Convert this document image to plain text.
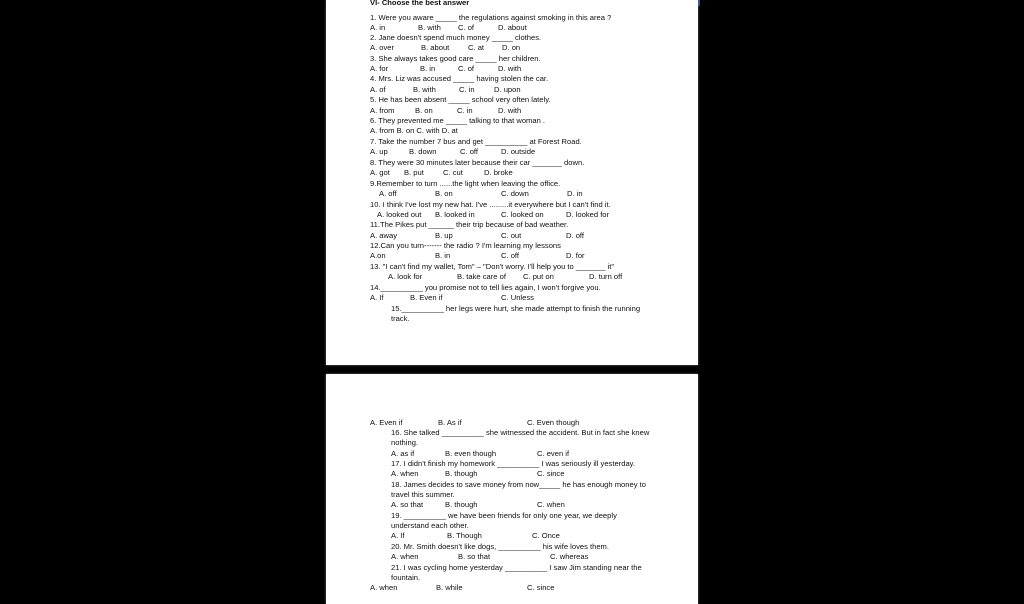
VI- Choose the best answer
1. Were you aware _____ the regulations against smoking in this area ?
A. in	B. with C. of	D. about
2. Jane doesn't spend much money _____ clothes.
A. over	B. about C. at D. on
3. She always takes good care _____ her children.
A. for	B. in	C. of	D. with
4. Mrs. Liz was accused _____ having stolen the car.
A. of	B. with	C. in	D. upon
5. He has been absent _____ school very often lately.
A. from	B. on	C. in	D. with
6. They prevented me _____ talking to that woman .
A. from B. on C. with D. at
7. Take the number 7 bus and get __________ at Forest Road.
A. up	B. down	C. off	D. outside
8. They were 30 minutes later because their car _______ down.
A. got B. put	C. cut	D. broke
9.Remember to turn ......the light when leaving the office.
A. off	B. on	C. down	D. in
10. I think I've lost my new hat. I've .........it everywhere but I can't find it.
A. looked out B. looked in	C. looked on	D. looked for
11.The Pikes put ______ their trip because of bad weather.
A. away	B. up	C. out	D. off
12.Can you turn------- the radio ? I'm learning my lessons
A.on	B. in	C. off	D. for
13. "I can't find my wallet, Tom" – "Don't worry. I'll help you to _______ it"
A. look for	B. take care of C. put on	D. turn off
14.__________ you promise not to tell lies again, I won't forgive you.
A. If	B. Even if	C. Unless
15.__________ her legs were hurt, she made attempt to finish the running
track.
A. Even if	B. As if	C. Even though
16. She talked __________ she witnessed the accident. But in fact she knew
nothing.
A. as if	B. even though	C. even if
17. I didn't finish my homework __________ I was seriously ill yesterday.
A. when	B. though	C. since
18. James decides to save money from now_____ he has enough money to
travel this summer.
A. so that	B. though	C. when
19. __________ we have been friends for only one year, we deeply
understand each other.
A. If	B. Though	C. Once
20. Mr. Smith doesn't like dogs, __________ his wife loves them.
A. when	B. so that	C. whereas
21. I was cycling home yesterday __________ I saw Jim standing near the
fountain.
A. when	B. while	C. since
